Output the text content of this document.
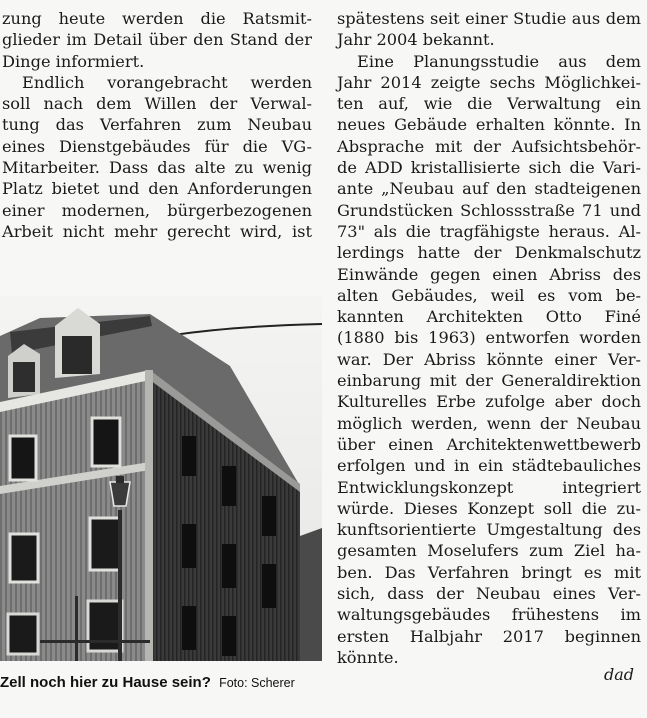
zung heute werden die Ratsmit-
glieder im Detail über den Stand der
Dinge informiert.

Endlich vorangebracht werden
soll nach dem Willen der Verwal-
tung das Verfahren zum Neubau
eines Dienstgebäudes für die VG-
Mitarbeiter. Dass das alte zu wenig
Platz bietet und den Anforderungen
einer modernen, bürgerbezogenen
Arbeit nicht mehr gerecht wird, ist

Zell noch hier zu Hause sein? Foto: Scherer

spätestens seit einer Studie aus dem
Jahr 2004 bekannt.

Eine Planungsstudie aus dem
Jahr 2014 zeigte sechs Möglichkei-
ten auf, wie die Verwaltung ein
neues Gebäude erhalten könnte. In
Absprache mit der Aufsichtsbehör-
de ADD kristallisierte sich die Vari-
ante „Neubau auf den stadteigenen
Grundstücken Schlossstraße 71 und
73" als die tragfähigste heraus. Al-
lerdings hatte der Denkmalschutz
Einwände gegen einen Abriss des
alten Gebäudes, weil es vom be-
kannten Architekten Otto Finé
(1880 bis 1963) entworfen worden
war. Der Abriss könnte einer Ver-
einbarung mit der Generaldirektion
Kulturelles Erbe zufolge aber doch
möglich werden, wenn der Neubau
über einen Architektenwettbewerb
erfolgen und in ein städtebauliches
Entwicklungskonzept integriert
würde. Dieses Konzept soll die zu-
kunftsorientierte Umgestaltung des
gesamten Moselufers zum Ziel ha-
ben. Das Verfahren bringt es mit
sich, dass der Neubau eines Ver-
waltungsgebäudes frühestens im
ersten Halbjahr 2017 beginnen
könnte.

dad
